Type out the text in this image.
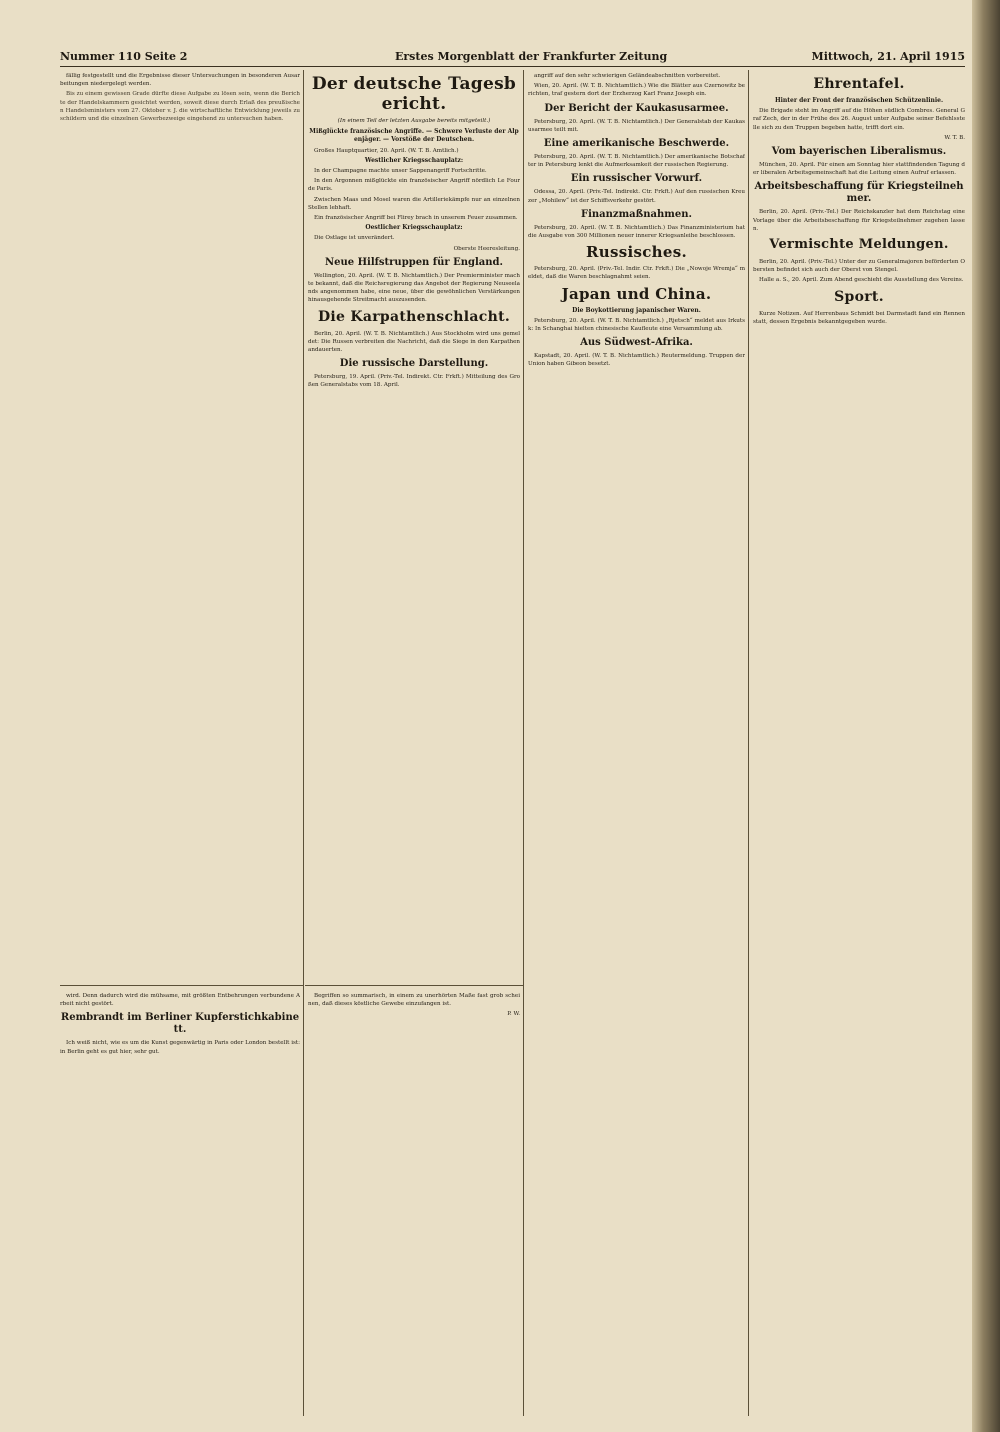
Nummer 110 Seite 2	Erstes Morgenblatt der Frankfurter Zeitung	Mittwoch, 21. April 1915

fällig festgestellt und die Ergebnisse dieser Untersuchungen in besonderen Ausarbeitungen niedergelegt werden.

Bis zu einem gewissen Grade dürfte diese Aufgabe zu lösen sein, wenn die Berichte der Handelskammern gesichtet werden, soweit diese durch Erlaß des preußischen Handelsministers vom 27. Oktober v. J. die wirtschaftliche Entwicklung jeweils zu schildern und die einzelnen Gewerbezweige eingehend zu untersuchen haben.

Der deutsche Tagesbericht.

(In einem Teil der letzten Ausgabe bereits mitgeteilt.)

Mißglückte französische Angriffe. — Schwere Verluste der Alpenjäger. — Vorstöße der Deutschen.

Großes Hauptquartier, 20. April. (W. T. B. Amtlich.)

Westlicher Kriegsschauplatz:

In der Champagne machte unser Sappenangriff Fortschritte.

In den Argonnen mißglückte ein französischer Angriff nördlich Le Four de Paris.

Zwischen Maas und Mosel waren die Artilleriekämpfe nur an einzelnen Stellen lebhaft.

Ein französischer Angriff bei Flirey brach in unserem Feuer zusammen.

Oestlicher Kriegsschauplatz:

Die Ostlage ist unverändert.

Oberste Heeresleitung.

Neue Hilfstruppen für England.

Wellington, 20. April. (W. T. B. Nichtamtlich.) Der Premierminister machte bekannt, daß die Reichsregierung das Angebot der Regierung Neuseelands angenommen habe, eine neue, über die gewöhnlichen Verstärkungen hinausgehende Streitmacht auszusenden.

Die Karpathenschlacht.

Berlin, 20. April. (W. T. B. Nichtamtlich.) Aus Stockholm wird uns gemeldet: Die Russen verbreiten die Nachricht, daß die Siege in den Karpathen andauerten.

Die russische Darstellung.

Petersburg, 19. April. (Priv.-Tel. Indirekt. Ctr. Frkft.) Mitteilung des Großen Generalstabs vom 18. April.

angriff auf den sehr schwierigen Geländeabschnitten vorbereitet.

Wien, 20. April. (W. T. B. Nichtamtlich.) Wie die Blätter aus Czernowitz berichten, traf gestern dort der Erzherzog Karl Franz Joseph ein.

Der Bericht der Kaukasusarmee.

Petersburg, 20. April. (W. T. B. Nichtamtlich.) Der Generalstab der Kaukasusarmee teilt mit.

Eine amerikanische Beschwerde.

Petersburg, 20. April. (W. T. B. Nichtamtlich.) Der amerikanische Botschafter in Petersburg lenkt die Aufmerksamkeit der russischen Regierung.

Ein russischer Vorwurf.

Odessa, 20. April. (Priv.-Tel. Indirekt. Ctr. Frkft.) Auf den russischen Kreuzer „Mohilew“ ist der Schiffsverkehr gestört.

Finanzmaßnahmen.

Petersburg, 20. April. (W. T. B. Nichtamtlich.) Das Finanzministerium hat die Ausgabe von 300 Millionen neuer innerer Kriegsanleihe beschlossen.

Russisches.

Petersburg, 20. April. (Priv.-Tel. Indir. Ctr. Frkft.) Die „Nowoje Wremja“ meldet, daß die Waren beschlagnahmt seien.

Japan und China.

Die Boykottierung japanischer Waren.

Petersburg, 20. April. (W. T. B. Nichtamtlich.) „Rjetsch“ meldet aus Irkutsk: In Schanghai hielten chinesische Kaufleute eine Versammlung ab.

Aus Südwest-Afrika.

Kapstadt, 20. April. (W. T. B. Nichtamtlich.) Reutermeldung. Truppen der Union haben Gibeon besetzt.

Ehrentafel.

Hinter der Front der französischen Schützenlinie.

Die Brigade steht im Angriff auf die Höhen südlich Combres. General Graf Zech, der in der Frühe des 26. August unter Aufgabe seiner Befehlsstelle sich zu den Truppen begeben hatte, trifft dort ein.

W. T. B.

Vom bayerischen Liberalismus.

München, 20. April. Für einen am Sonntag hier stattfindenden Tagung der liberalen Arbeitsgemeinschaft hat die Leitung einen Aufruf erlassen.

Arbeitsbeschaffung für Kriegsteilnehmer.

Berlin, 20. April. (Priv.-Tel.) Der Reichskanzler hat dem Reichstag eine Vorlage über die Arbeitsbeschaffung für Kriegsteilnehmer zugehen lassen.

Vermischte Meldungen.

Berlin, 20. April. (Priv.-Tel.) Unter der zu Generalmajoren beförderten Obersten befindet sich auch der Oberst von Stengel.

Halle a. S., 20. April. Zum Abend geschieht die Ausstellung des Vereins.

Sport.

Kurze Notizen. Auf Herrenbaus Schmidt bei Darmstadt fand ein Rennen statt, dessen Ergebnis bekanntgegeben wurde.

wird. Denn dadurch wird die mühsame, mit größten Entbehrungen verbundene Arbeit nicht gestört.

Rembrandt im Berliner Kupferstichkabinett.

Ich weiß nicht, wie es um die Kunst gegenwärtig in Paris oder London bestellt ist: in Berlin geht es gut hier, sehr gut.

Begriffen so summarisch, in einem zu unerhörten Maße fast grob scheinen, daß dieses köstliche Gewebe einzufangen ist.

P. W.
